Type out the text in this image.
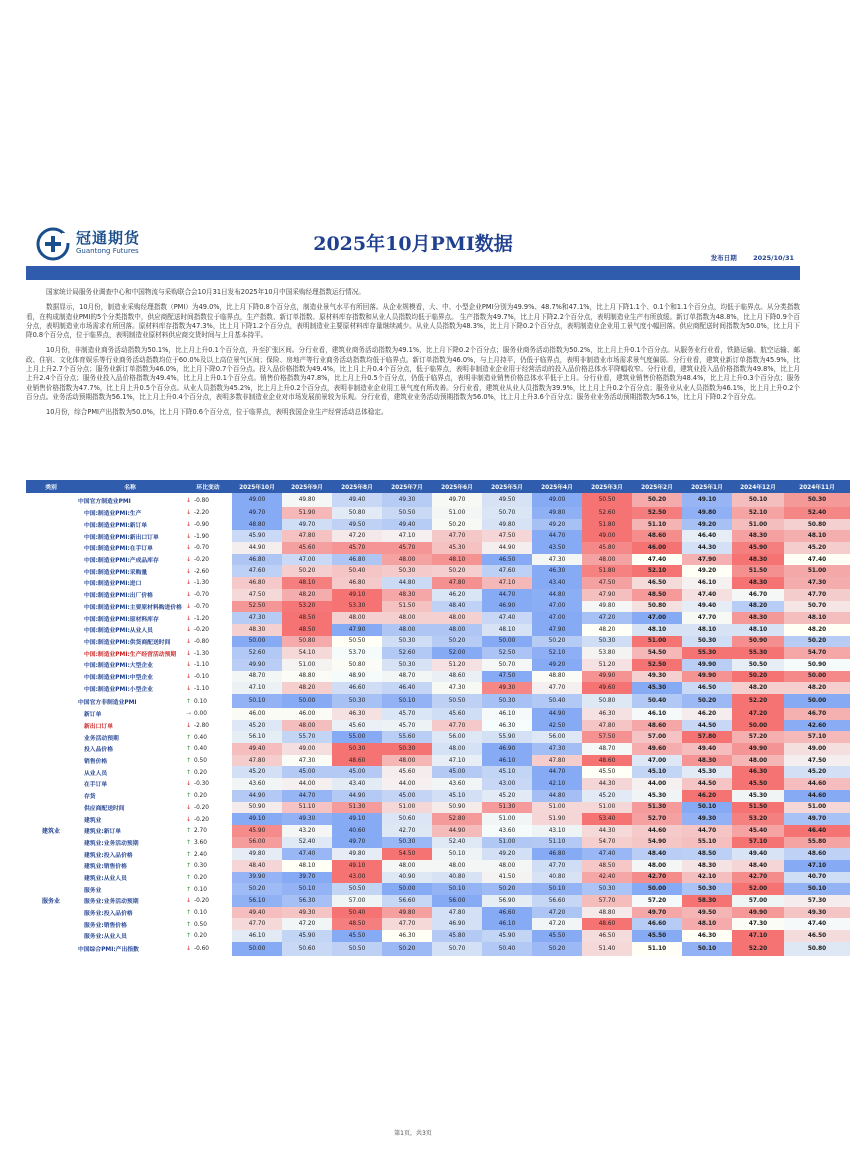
冠通期货
Guantong Futures	2025年10月PMI数据
发布日期	2025/10/31

国家统计局服务业调查中心和中国物流与采购联合会10月31日发布2025年10月中国采购经理指数运行情况。

数据显示，10月份，制造业采购经理指数（PMI）为49.0%，比上月下降0.8个百分点，制造业景气水平有所回落。从企业规模看，大、中、小型企业PMI分别为49.9%、48.7%和47.1%，比上月下降1.1个、0.1个和1.1个百分点，均低于临界点。从分类指数看，在构成制造业PMI的5个分类指数中，供应商配送时间指数位于临界点，生产指数、新订单指数、原材料库存指数和从业人员指数均低于临界点。 生产指数为49.7%，比上月下降2.2个百分点，表明制造业生产有所放缓。新订单指数为48.8%，比上月下降0.9个百分点，表明制造业市场需求有所回落。原材料库存指数为47.3%，比上月下降1.2个百分点，表明制造业主要原材料库存量继续减少。从业人员指数为48.3%，比上月下降0.2个百分点，表明制造业企业用工景气度小幅回落。供应商配送时间指数为50.0%，比上月下降0.8个百分点，位于临界点，表明制造业原材料供应商交货时间与上月基本持平。

10月份，非制造业商务活动指数为50.1%，比上月上升0.1个百分点，升至扩张区间。分行业看，建筑业商务活动指数为49.1%，比上月下降0.2个百分点；服务业商务活动指数为50.2%，比上月上升0.1个百分点。从服务业行业看，铁路运输、航空运输、邮政、住宿、文化体育娱乐等行业商务活动指数均位于60.0%及以上高位景气区间；保险、房地产等行业商务活动指数均低于临界点。新订单指数为46.0%，与上月持平，仍低于临界点，表明非制造业市场需求景气度偏弱。分行业看，建筑业新订单指数为45.9%，比上月上升2.7个百分点；服务业新订单指数为46.0%，比上月下降0.7个百分点。投入品价格指数为49.4%，比上月上升0.4个百分点，低于临界点，表明非制造业企业用于经营活动的投入品价格总体水平降幅收窄。分行业看，建筑业投入品价格指数为49.8%，比上月上升2.4个百分点；服务业投入品价格指数为49.4%，比上月上升0.1个百分点。销售价格指数为47.8%，比上月上升0.5个百分点，仍低于临界点，表明非制造业销售价格总体水平低于上月。分行业看，建筑业销售价格指数为48.4%，比上月上升0.3个百分点；服务业销售价格指数为47.7%，比上月上升0.5个百分点。从业人员指数为45.2%，比上月上升0.2个百分点，表明非制造业企业用工景气度有所改善。分行业看，建筑业从业人员指数为39.9%，比上月上升0.2个百分点；服务业从业人员指数为46.1%，比上月上升0.2个百分点。业务活动预期指数为56.1%，比上月上升0.4个百分点，表明多数非制造业企业对市场发展前景较为乐观。分行业看，建筑业业务活动预期指数为56.0%，比上月上升3.6个百分点；服务业业务活动预期指数为56.1%，比上月下降0.2个百分点。

10月份，综合PMI产出指数为50.0%，比上月下降0.6个百分点，位于临界点，表明我国企业生产经营活动总体稳定。

类别	名称	环比变动	2025年10月	2025年9月	2025年8月	2025年7月	2025年6月	2025年5月	2025年4月	2025年3月	2025年2月	2025年1月	2024年12月	2024年11月
	中国官方制造业PMI	↓ -0.80	49.00	49.80	49.40	49.30	49.70	49.50	49.00	50.50	50.20	49.10	50.10	50.30
	中国:制造业PMI:生产	↓ -2.20	49.70	51.90	50.80	50.50	51.00	50.70	49.80	52.60	52.50	49.80	52.10	52.40
	中国:制造业PMI:新订单	↓ -0.90	48.80	49.70	49.50	49.40	50.20	49.80	49.20	51.80	51.10	49.20	51.00	50.80
	中国:制造业PMI:新出口订单	↓ -1.90	45.90	47.80	47.20	47.10	47.70	47.50	44.70	49.00	48.60	46.40	48.30	48.10
	中国:制造业PMI:在手订单	↓ -0.70	44.90	45.60	45.70	45.70	45.30	44.90	43.50	45.80	46.00	44.30	45.90	45.20
	中国:制造业PMI:产成品库存	↓ -0.20	46.80	47.00	46.80	48.00	48.10	46.50	47.30	48.00	47.40	47.90	48.30	47.40
	中国:制造业PMI:采购量	↓ -2.60	47.60	50.20	50.40	50.30	50.20	47.60	46.30	51.80	52.10	49.20	51.50	51.00
	中国:制造业PMI:进口	↓ -1.30	46.80	48.10	46.80	44.80	47.80	47.10	43.40	47.50	46.50	46.10	48.30	47.30
	中国:制造业PMI:出厂价格	↓ -0.70	47.50	48.20	49.10	48.30	46.20	44.70	44.80	47.90	48.50	47.40	46.70	47.70
	中国:制造业PMI:主要原材料购进价格	↓ -0.70	52.50	53.20	53.30	51.50	48.40	46.90	47.00	49.80	50.80	49.40	48.20	50.70
	中国:制造业PMI:原材料库存	↓ -1.20	47.30	48.50	48.00	48.00	48.00	47.40	47.00	47.20	47.00	47.70	48.30	48.10
	中国:制造业PMI:从业人员	↓ -0.20	48.30	48.50	47.90	48.00	48.00	48.10	47.90	48.20	48.10	48.10	48.10	48.20
	中国:制造业PMI:供货商配送时间	↓ -0.80	50.00	50.80	50.50	50.30	50.20	50.00	50.20	50.30	51.00	50.30	50.90	50.20
	中国:制造业PMI:生产经营活动预期	↓ -1.30	52.60	54.10	53.70	52.60	52.00	52.50	52.10	53.80	54.50	55.30	55.30	54.70
	中国:制造业PMI:大型企业	↓ -1.10	49.90	51.00	50.80	50.30	51.20	50.70	49.20	51.20	52.50	49.90	50.50	50.90
	中国:制造业PMI:中型企业	↓ -0.10	48.70	48.80	48.90	48.70	48.60	47.50	48.80	49.90	49.30	49.90	50.20	50.00
	中国:制造业PMI:小型企业	↓ -1.10	47.10	48.20	46.60	46.40	47.30	49.30	47.70	49.60	45.30	46.50	48.20	48.20
	中国官方非制造业PMI	↑ 0.10	50.10	50.00	50.30	50.10	50.50	50.30	50.40	50.80	50.40	50.20	52.20	50.00
	新订单	→ 0.00	46.00	46.00	46.30	45.70	45.60	46.10	44.90	46.30	46.10	46.20	47.20	46.70
	新出口订单	↓ -2.80	45.20	48.00	45.60	45.70	47.70	46.30	42.50	47.80	48.60	44.50	50.00	42.60
	业务活动预期	↑ 0.40	56.10	55.70	55.00	55.60	56.00	55.90	56.00	57.50	57.00	57.80	57.20	57.10
	投入品价格	↑ 0.40	49.40	49.00	50.30	50.30	48.00	46.90	47.30	48.70	49.60	49.40	49.90	49.00
	销售价格	↑ 0.50	47.80	47.30	48.60	48.00	47.10	46.10	47.80	48.60	47.00	48.30	48.00	47.50
	从业人员	↑ 0.20	45.20	45.00	45.00	45.60	45.00	45.10	44.70	45.50	45.10	45.30	46.30	45.20
	在手订单	↓ -0.30	43.60	44.00	43.40	44.00	43.60	43.00	42.10	44.30	44.00	44.50	45.50	44.60
	存货	↑ 0.20	44.90	44.70	44.90	45.00	45.10	45.20	44.80	45.20	45.30	46.20	45.30	44.60
	供应商配送时间	↓ -0.20	50.90	51.10	51.30	51.00	50.90	51.30	51.00	51.00	51.30	50.10	51.50	51.00
	建筑业	↓ -0.20	49.10	49.30	49.10	50.60	52.80	51.00	51.90	53.40	52.70	49.30	53.20	49.70
建筑业	建筑业:新订单	↑ 2.70	45.90	43.20	40.60	42.70	44.90	43.60	43.10	44.30	44.60	44.70	45.40	46.40
	建筑业:业务活动预期	↑ 3.60	56.00	52.40	49.70	50.30	52.40	51.00	51.10	54.70	54.90	55.10	57.10	55.80
	建筑业:投入品价格	↑ 2.40	49.80	47.40	49.80	54.50	50.10	49.20	46.80	47.40	48.40	48.50	49.40	48.60
	建筑业:销售价格	↑ 0.30	48.40	48.10	49.10	48.00	48.00	48.00	47.70	48.50	48.00	48.30	48.40	47.10
	建筑业:从业人员	↑ 0.20	39.90	39.70	43.00	40.90	40.80	41.50	40.80	42.40	42.70	42.10	42.70	40.70
	服务业	↑ 0.10	50.20	50.10	50.50	50.00	50.10	50.20	50.10	50.30	50.00	50.30	52.00	50.10
服务业	服务业:业务活动预期	↓ -0.20	56.10	56.30	57.00	56.60	56.00	56.90	56.60	57.70	57.20	58.30	57.00	57.30
	服务业:投入品价格	↑ 0.10	49.40	49.30	50.40	49.80	47.80	46.60	47.20	48.80	49.70	49.50	49.90	49.30
	服务业:销售价格	↑ 0.50	47.70	47.20	48.50	47.70	46.90	46.10	47.20	48.60	46.60	48.10	47.30	47.40
	服务业:从业人员	↑ 0.20	46.10	45.90	45.50	46.30	45.80	45.90	45.50	46.50	45.50	46.30	47.10	46.50
	中国综合PMI:产出指数	↓ -0.60	50.00	50.60	50.50	50.20	50.70	50.40	50.20	51.40	51.10	50.10	52.20	50.80
第1页，共3页
